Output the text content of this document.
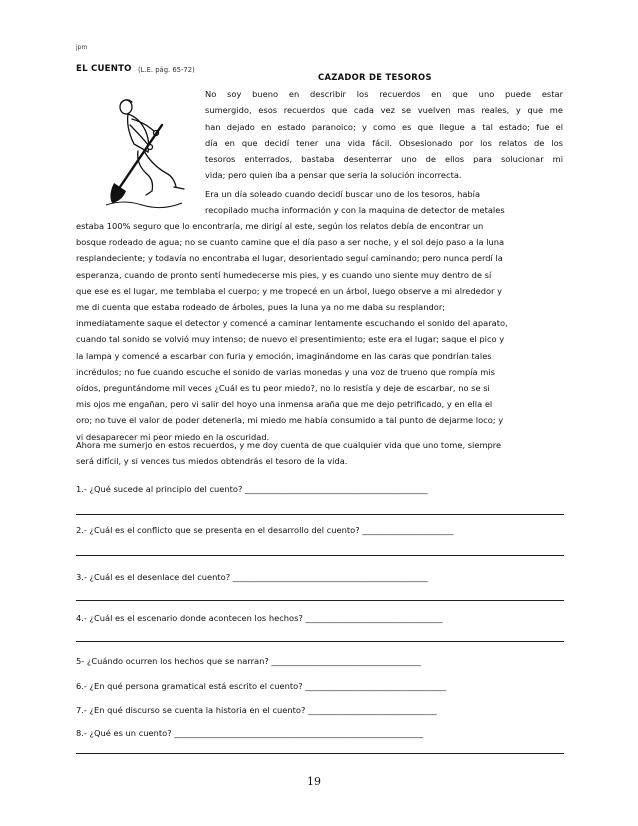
jpm
EL CUENTO (L.E. pág. 65-72)
CAZADOR DE TESOROS
No soy bueno en describir los recuerdos en que uno puede estar
sumergido, esos recuerdos que cada vez se vuelven mas reales, y que me
han dejado en estado paranoico; y como es que llegue a tal estado; fue el
día en que decidí tener una vida fácil. Obsesionado por los relatos de los
tesoros enterrados, bastaba desenterrar uno de ellos para solucionar mi
vida; pero quien iba a pensar que seria la solución incorrecta.
Era un día soleado cuando decidí buscar uno de los tesoros, había
recopilado mucha información y con la maquina de detector de metales
estaba 100% seguro que lo encontraría, me dirigí al este, según los relatos debía de encontrar un
bosque rodeado de agua; no se cuanto camine que el día paso a ser noche, y el sol dejo paso a la luna
resplandeciente; y todavía no encontraba el lugar, desorientado seguí caminando; pero nunca perdí la
esperanza, cuando de pronto sentí humedecerse mis pies, y es cuando uno siente muy dentro de sí
que ese es el lugar, me temblaba el cuerpo; y me tropecé en un árbol, luego observe a mi alrededor y
me di cuenta que estaba rodeado de árboles, pues la luna ya no me daba su resplandor;
inmediatamente saque el detector y comencé a caminar lentamente escuchando el sonido del aparato,
cuando tal sonido se volvió muy intenso; de nuevo el presentimiento; este era el lugar; saque el pico y
la lampa y comencé a escarbar con furia y emoción, imaginándome en las caras que pondrían tales
incrédulos; no fue cuando escuche el sonido de varias monedas y una voz de trueno que rompía mis
oídos, preguntándome mil veces ¿Cuál es tu peor miedo?, no lo resistía y deje de escarbar, no se si
mis ojos me engañan, pero vi salir del hoyo una inmensa araña que me dejo petrificado, y en ella el
oro; no tuve el valor de poder detenerla, mi miedo me había consumido a tal punto de dejarme loco; y
vi desaparecer mi peor miedo en la oscuridad.
Ahora me sumerjo en estos recuerdos, y me doy cuenta de que cualquier vida que uno tome, siempre
será difícil, y si vences tus miedos obtendrás el tesoro de la vida.
1.- ¿Qué sucede al principio del cuento? ____________________________________________
2.- ¿Cuál es el conflicto que se presenta en el desarrollo del cuento? ______________________
3.- ¿Cuál es el desenlace del cuento? _______________________________________________
4.- ¿Cuál es el escenario donde acontecen los hechos? _________________________________
5- ¿Cuándo ocurren los hechos que se narran? ____________________________________
6.- ¿En qué persona gramatical está escrito el cuento? __________________________________
7.- ¿En qué discurso se cuenta la historia en el cuento? _______________________________
8.- ¿Qué es un cuento? ____________________________________________________________
19
